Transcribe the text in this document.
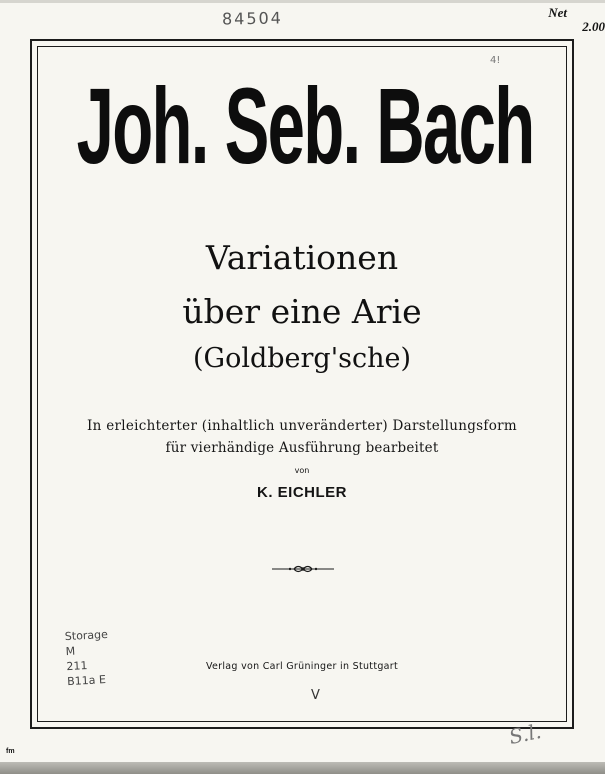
84504	Net
2.00
4!
Joh. Seb. Bach
Variationen
über eine Arie
(Goldberg'sche)
In erleichterter (inhaltlich unveränderter) Darstellungsform
für vierhändige Ausführung bearbeitet
von
K. EICHLER
Storage
M
211
B11a E
Verlag von Carl Grüninger in Stuttgart
V
S.l.
fm
